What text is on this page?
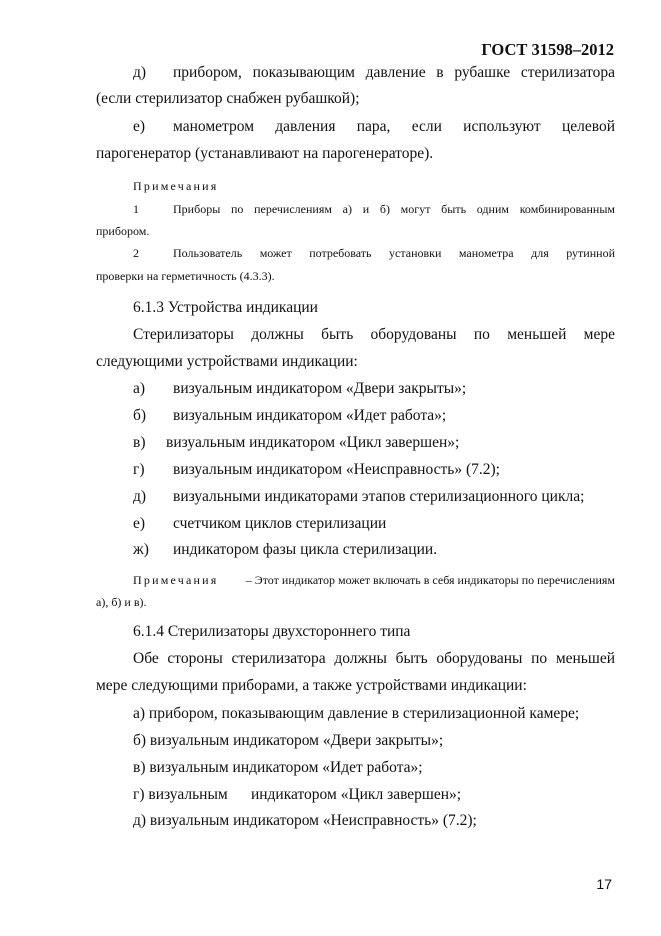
ГОСТ 31598–2012
д) прибором, показывающим давление в рубашке стерилизатора
(если стерилизатор снабжен рубашкой);
е) манометром давления пара, если используют целевой
парогенератор (устанавливают на парогенераторе).
Примечания
1	Приборы по перечислениям а) и б) могут быть одним комбинированным
прибором.
2	Пользователь может потребовать установки манометра для рутинной
проверки на герметичность (4.3.3).
6.1.3 Устройства индикации
Стерилизаторы должны быть оборудованы по меньшей мере
следующими устройствами индикации:
а) визуальным индикатором «Двери закрыты»;
б) визуальным индикатором «Идет работа»;
в) визуальным индикатором «Цикл завершен»;
г) визуальным индикатором «Неисправность» (7.2);
д) визуальными индикаторами этапов стерилизационного цикла;
е) счетчиком циклов стерилизации
ж) индикатором фазы цикла стерилизации.
Примечания – Этот индикатор может включать в себя индикаторы по перечислениям
а), б) и в).
6.1.4 Стерилизаторы двухстороннего типа
Обе стороны стерилизатора должны быть оборудованы по меньшей
мере следующими приборами, а также устройствами индикации:
а) прибором, показывающим давление в стерилизационной камере;
б) визуальным индикатором «Двери закрыты»;
в) визуальным индикатором «Идет работа»;
г) визуальным      индикатором «Цикл завершен»;
д) визуальным индикатором «Неисправность» (7.2);
17
